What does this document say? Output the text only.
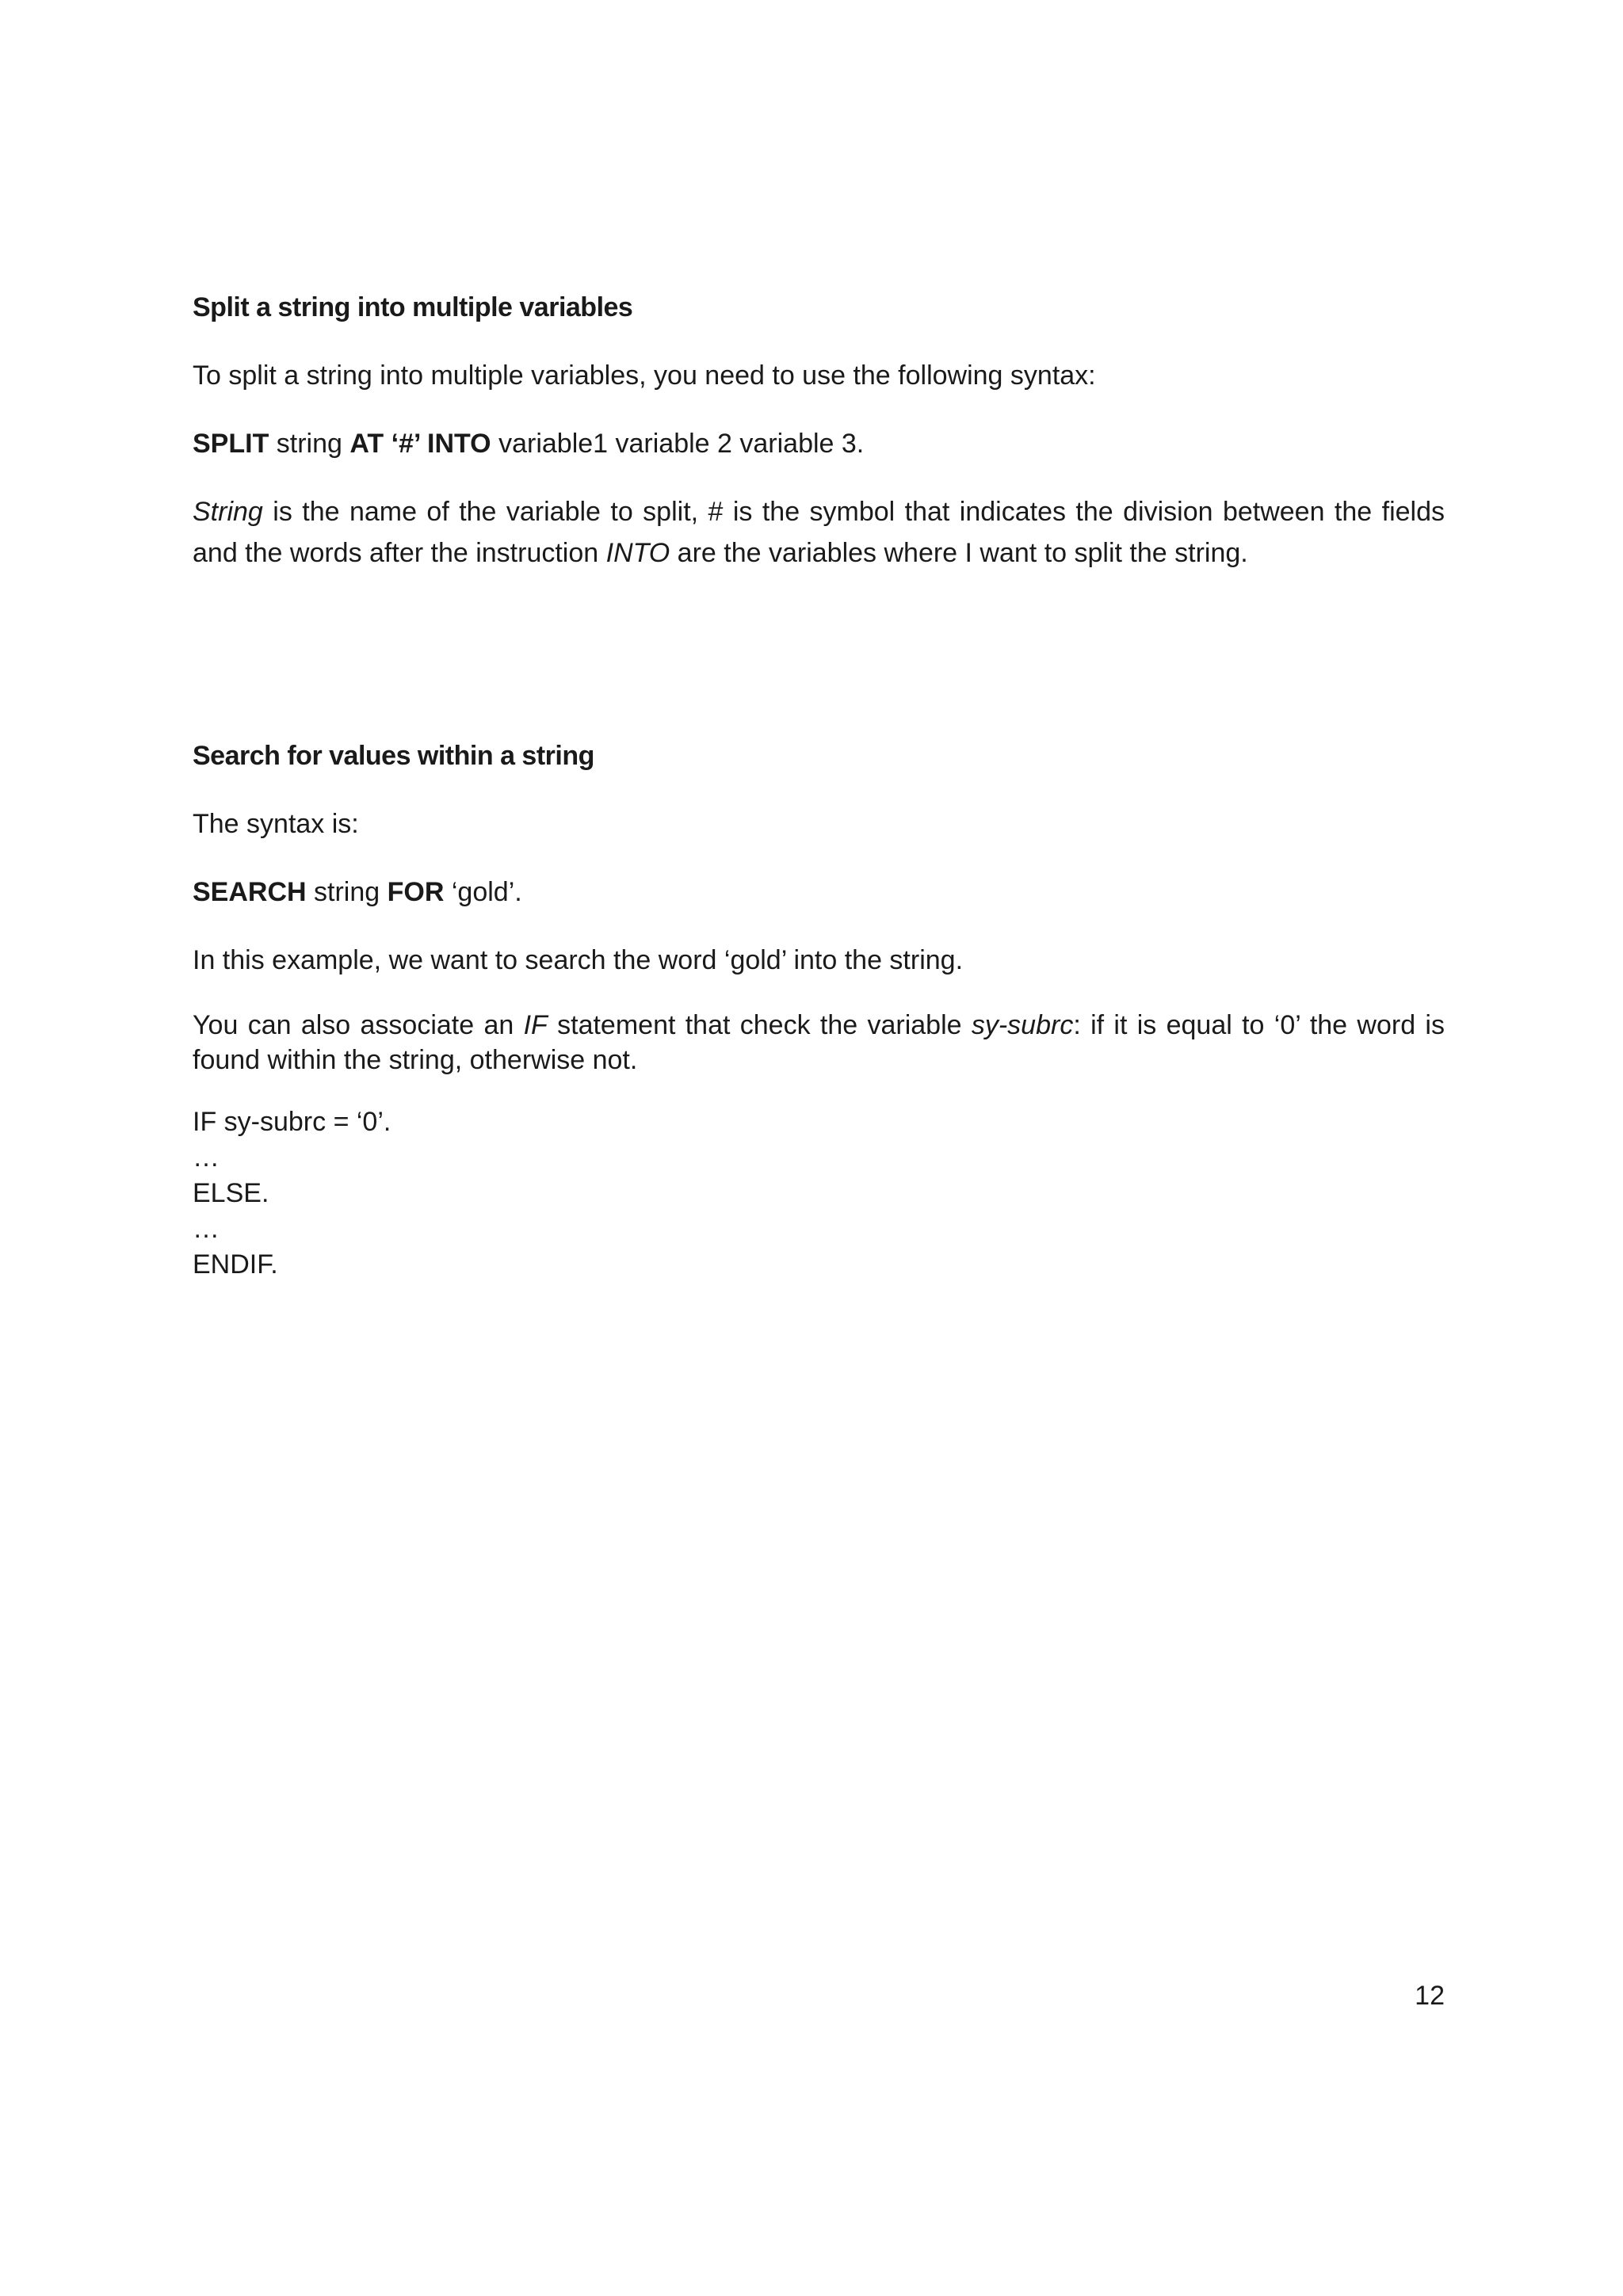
Split a string into multiple variables

To split a string into multiple variables, you need to use the following syntax:

SPLIT string AT ‘#’ INTO variable1 variable 2 variable 3.

String is the name of the variable to split, # is the symbol that indicates the division between the fields and the words after the instruction INTO are the variables where I want to split the string.

Search for values within a string

The syntax is:

SEARCH string FOR ‘gold’.

In this example, we want to search the word ‘gold’ into the string.

You can also associate an IF statement that check the variable sy-subrc: if it is equal to ‘0’ the word is found within the string, otherwise not.

IF sy-subrc = ‘0’.
…
ELSE.
…
ENDIF.
12
